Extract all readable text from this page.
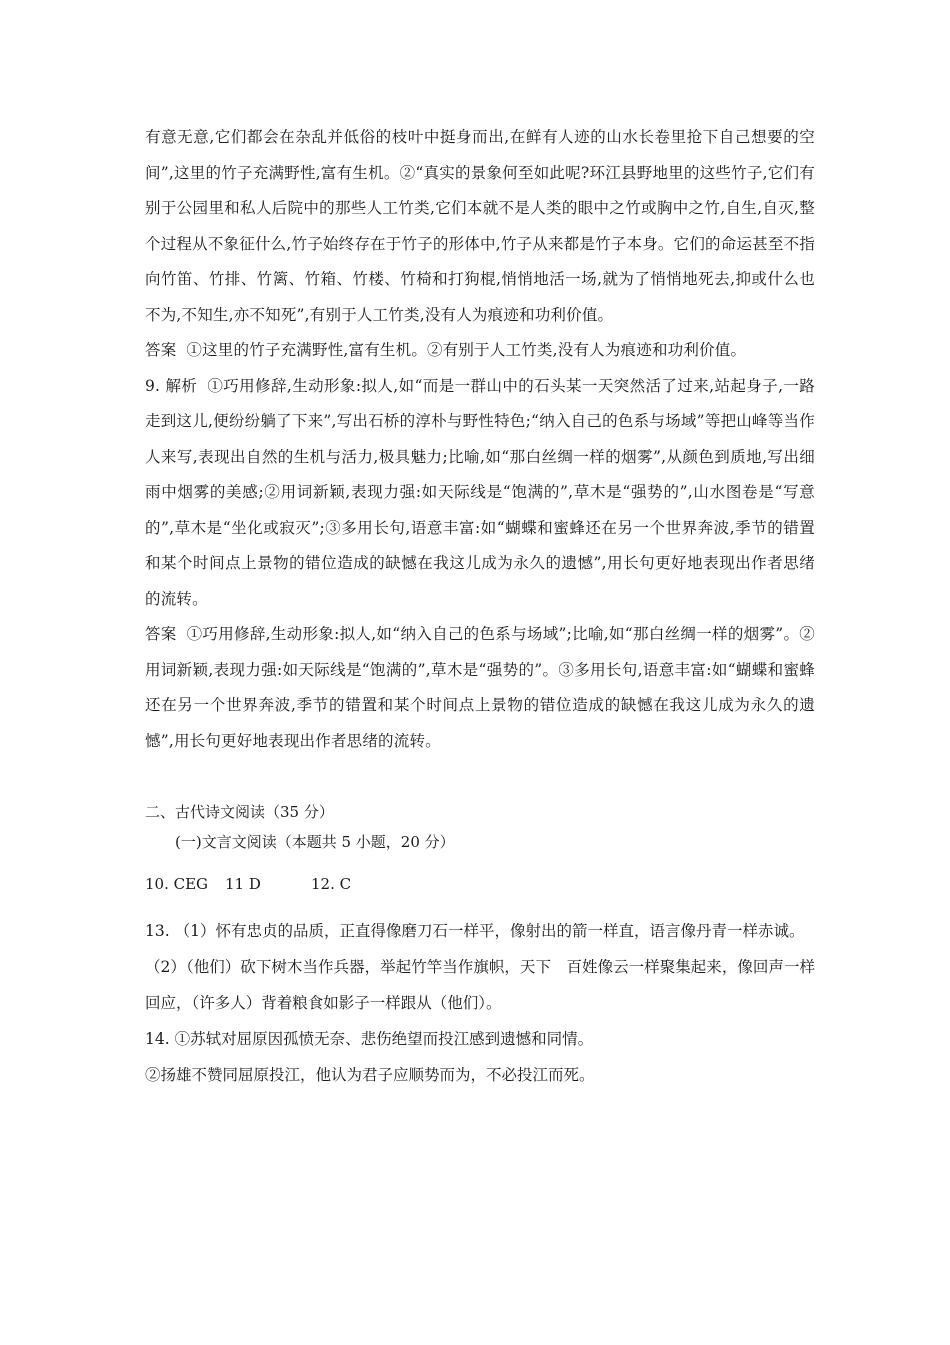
有意无意,它们都会在杂乱并低俗的枝叶中挺身而出,在鲜有人迹的山水长卷里抢下自己想要的空间”,这里的竹子充满野性,富有生机。②“真实的景象何至如此呢?环江县野地里的这些竹子,它们有别于公园里和私人后院中的那些人工竹类,它们本就不是人类的眼中之竹或胸中之竹,自生,自灭,整个过程从不象征什么,竹子始终存在于竹子的形体中,竹子从来都是竹子本身。它们的命运甚至不指向竹笛、竹排、竹篱、竹箱、竹楼、竹椅和打狗棍,悄悄地活一场,就为了悄悄地死去,抑或什么也不为,不知生,亦不知死”,有别于人工竹类,没有人为痕迹和功利价值。

答案 ①这里的竹子充满野性,富有生机。②有别于人工竹类,没有人为痕迹和功利价值。

9. 解析 ①巧用修辞,生动形象:拟人,如“而是一群山中的石头某一天突然活了过来,站起身子,一路走到这儿,便纷纷躺了下来”,写出石桥的淳朴与野性特色;“纳入自己的色系与场域”等把山峰等当作人来写,表现出自然的生机与活力,极具魅力;比喻,如“那白丝绸一样的烟雾”,从颜色到质地,写出细雨中烟雾的美感;②用词新颖,表现力强:如天际线是“饱满的”,草木是“强势的”,山水图卷是“写意的”,草木是“坐化或寂灭”;③多用长句,语意丰富:如“蝴蝶和蜜蜂还在另一个世界奔波,季节的错置和某个时间点上景物的错位造成的缺憾在我这儿成为永久的遗憾”,用长句更好地表现出作者思绪的流转。

答案 ①巧用修辞,生动形象:拟人,如“纳入自己的色系与场域”;比喻,如“那白丝绸一样的烟雾”。②用词新颖,表现力强:如天际线是“饱满的”,草木是“强势的”。③多用长句,语意丰富:如“蝴蝶和蜜蜂还在另一个世界奔波,季节的错置和某个时间点上景物的错位造成的缺憾在我这儿成为永久的遗憾”,用长句更好地表现出作者思绪的流转。

二、古代诗文阅读（35 分）

(一)文言文阅读（本题共 5 小题，20 分）

10. CEG	11 D	12. C

13. （1）怀有忠贞的品质，正直得像磨刀石一样平，像射出的箭一样直，语言像丹青一样赤诚。

（2）（他们）砍下树木当作兵器，举起竹竿当作旗帜，天下　百姓像云一样聚集起来，像回声一样回应，（许多人）背着粮食如影子一样跟从（他们）。

14. ①苏轼对屈原因孤愤无奈、悲伤绝望而投江感到遗憾和同情。

②扬雄不赞同屈原投江，他认为君子应顺势而为，不必投江而死。
